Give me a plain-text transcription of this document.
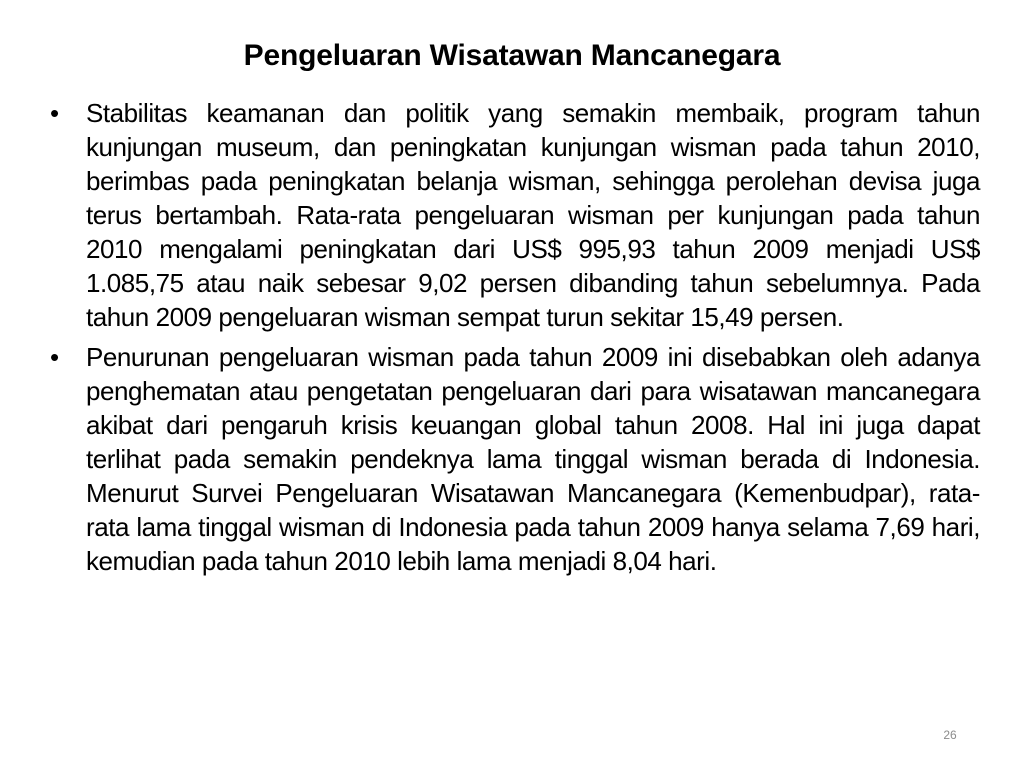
Pengeluaran Wisatawan Mancanegara
•	Stabilitas keamanan dan politik yang semakin membaik, program tahun kunjungan museum, dan peningkatan kunjungan wisman pada tahun 2010, berimbas pada peningkatan belanja wisman, sehingga perolehan devisa juga terus bertambah. Rata-rata pengeluaran wisman per kunjungan pada tahun 2010 mengalami peningkatan dari US$ 995,93 tahun 2009 menjadi US$ 1.085,75 atau naik sebesar 9,02 persen dibanding tahun sebelumnya. Pada tahun 2009 pengeluaran wisman sempat turun sekitar 15,49 persen.
•	Penurunan pengeluaran wisman pada tahun 2009 ini disebabkan oleh adanya penghematan atau pengetatan pengeluaran dari para wisatawan mancanegara akibat dari pengaruh krisis keuangan global tahun 2008. Hal ini juga dapat terlihat pada semakin pendeknya lama tinggal wisman berada di Indonesia. Menurut Survei Pengeluaran Wisatawan Mancanegara (Kemenbudpar), rata-rata lama tinggal wisman di Indonesia pada tahun 2009 hanya selama 7,69 hari, kemudian pada tahun 2010 lebih lama menjadi 8,04 hari.
26
